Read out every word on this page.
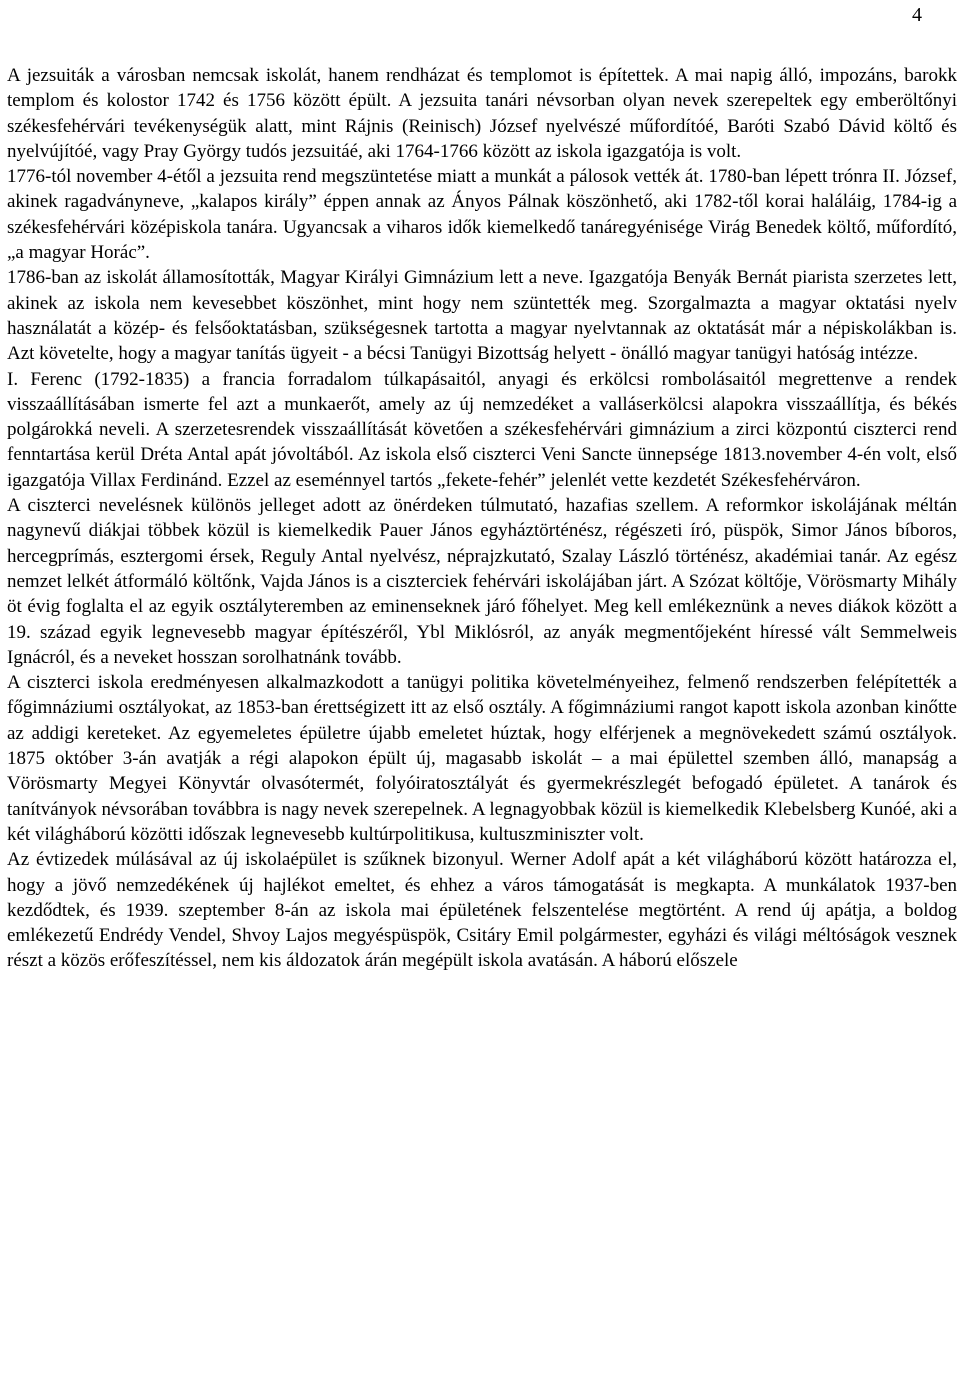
4

A jezsuiták a városban nemcsak iskolát, hanem rendházat és templomot is építettek. A mai napig álló, impozáns, barokk templom és kolostor 1742 és 1756 között épült. A jezsuita tanári névsorban olyan nevek szerepeltek egy emberöltőnyi székesfehérvári tevékenységük alatt, mint Rájnis (Reinisch) József nyelvészé műfordítóé, Baróti Szabó Dávid költő és nyelvújítóé, vagy Pray György tudós jezsuitáé, aki 1764-1766 között az iskola igazgatója is volt.

1776-tól november 4-étől a jezsuita rend megszüntetése miatt a munkát a pálosok vették át. 1780-ban lépett trónra II. József, akinek ragadványneve, „kalapos király” éppen annak az Ányos Pálnak köszönhető, aki 1782-től korai haláláig, 1784-ig a székesfehérvári középiskola tanára. Ugyancsak a viharos idők kiemelkedő tanáregyénisége Virág Benedek költő, műfordító, „a magyar Horác”.

1786-ban az iskolát államosították, Magyar Királyi Gimnázium lett a neve. Igazgatója Benyák Bernát piarista szerzetes lett, akinek az iskola nem kevesebbet köszönhet, mint hogy nem szüntették meg. Szorgalmazta a magyar oktatási nyelv használatát a közép- és felsőoktatásban, szükségesnek tartotta a magyar nyelvtannak az oktatását már a népiskolákban is. Azt követelte, hogy a magyar tanítás ügyeit - a bécsi Tanügyi Bizottság helyett - önálló magyar tanügyi hatóság intézze.

I. Ferenc (1792-1835) a francia forradalom túlkapásaitól, anyagi és erkölcsi rombolásaitól megrettenve a rendek visszaállításában ismerte fel azt a munkaerőt, amely az új nemzedéket a valláserkölcsi alapokra visszaállítja, és békés polgárokká neveli. A szerzetesrendek visszaállítását követően a székesfehérvári gimnázium a zirci központú ciszterci rend fenntartása kerül Dréta Antal apát jóvoltából. Az iskola első ciszterci Veni Sancte ünnepsége 1813.november 4-én volt, első igazgatója Villax Ferdinánd. Ezzel az eseménnyel tartós „fekete-fehér” jelenlét vette kezdetét Székesfehérváron.

A ciszterci nevelésnek különös jelleget adott az önérdeken túlmutató, hazafias szellem. A reformkor iskolájának méltán nagynevű diákjai többek közül is kiemelkedik Pauer János egyháztörténész, régészeti író, püspök, Simor János bíboros, hercegprímás, esztergomi érsek, Reguly Antal nyelvész, néprajzkutató, Szalay László történész, akadémiai tanár. Az egész nemzet lelkét átformáló költőnk, Vajda János is a ciszterciek fehérvári iskolájában járt. A Szózat költője, Vörösmarty Mihály öt évig foglalta el az egyik osztályteremben az eminenseknek járó főhelyet. Meg kell emlékeznünk a neves diákok között a 19. század egyik legnevesebb magyar építészéről, Ybl Miklósról, az anyák megmentőjeként híressé vált Semmelweis Ignácról, és a neveket hosszan sorolhatnánk tovább.

A ciszterci iskola eredményesen alkalmazkodott a tanügyi politika követelményeihez, felmenő rendszerben felépítették a főgimnáziumi osztályokat, az 1853-ban érettségizett itt az első osztály. A főgimnáziumi rangot kapott iskola azonban kinőtte az addigi kereteket. Az egyemeletes épületre újabb emeletet húztak, hogy elférjenek a megnövekedett számú osztályok. 1875 október 3-án avatják a régi alapokon épült új, magasabb iskolát – a mai épülettel szemben álló, manapság a Vörösmarty Megyei Könyvtár olvasótermét, folyóiratosztályát és gyermekrészlegét befogadó épületet. A tanárok és tanítványok névsorában továbbra is nagy nevek szerepelnek. A legnagyobbak közül is kiemelkedik Klebelsberg Kunóé, aki a két világháború közötti időszak legnevesebb kultúrpolitikusa, kultuszminiszter volt.

Az évtizedek múlásával az új iskolaépület is szűknek bizonyul. Werner Adolf apát a két világháború között határozza el, hogy a jövő nemzedékének új hajlékot emeltet, és ehhez a város támogatását is megkapta. A munkálatok 1937-ben kezdődtek, és 1939. szeptember 8-án az iskola mai épületének felszentelése megtörtént. A rend új apátja, a boldog emlékezetű Endrédy Vendel, Shvoy Lajos megyéspüspök, Csitáry Emil polgármester, egyházi és világi méltóságok vesznek részt a közös erőfeszítéssel, nem kis áldozatok árán megépült iskola avatásán. A háború előszele
